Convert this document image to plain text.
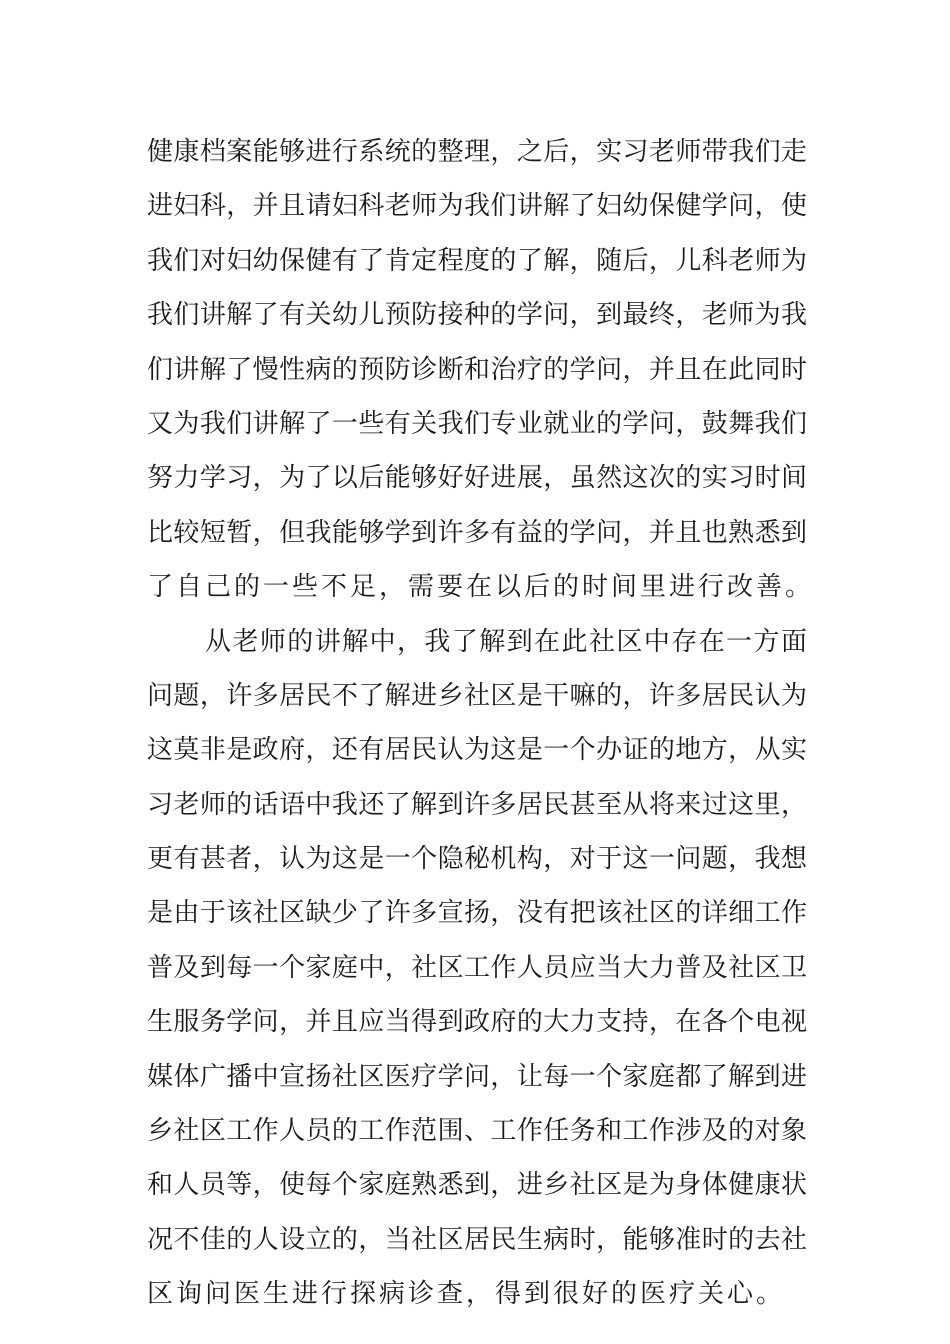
健康档案能够进行系统的整理，之后，实习老师带我们走
进妇科，并且请妇科老师为我们讲解了妇幼保健学问，使
我们对妇幼保健有了肯定程度的了解，随后，儿科老师为
我们讲解了有关幼儿预防接种的学问，到最终，老师为我
们讲解了慢性病的预防诊断和治疗的学问，并且在此同时
又为我们讲解了一些有关我们专业就业的学问，鼓舞我们
努力学习，为了以后能够好好进展，虽然这次的实习时间
比较短暂，但我能够学到许多有益的学问，并且也熟悉到
了自己的一些不足，需要在以后的时间里进行改善。
从老师的讲解中，我了解到在此社区中存在一方面
问题，许多居民不了解进乡社区是干嘛的，许多居民认为
这莫非是政府，还有居民认为这是一个办证的地方，从实
习老师的话语中我还了解到许多居民甚至从将来过这里，
更有甚者，认为这是一个隐秘机构，对于这一问题，我想
是由于该社区缺少了许多宣扬，没有把该社区的详细工作
普及到每一个家庭中，社区工作人员应当大力普及社区卫
生服务学问，并且应当得到政府的大力支持，在各个电视
媒体广播中宣扬社区医疗学问，让每一个家庭都了解到进
乡社区工作人员的工作范围、工作任务和工作涉及的对象
和人员等，使每个家庭熟悉到，进乡社区是为身体健康状
况不佳的人设立的，当社区居民生病时，能够准时的去社
区询问医生进行探病诊查，得到很好的医疗关心。
